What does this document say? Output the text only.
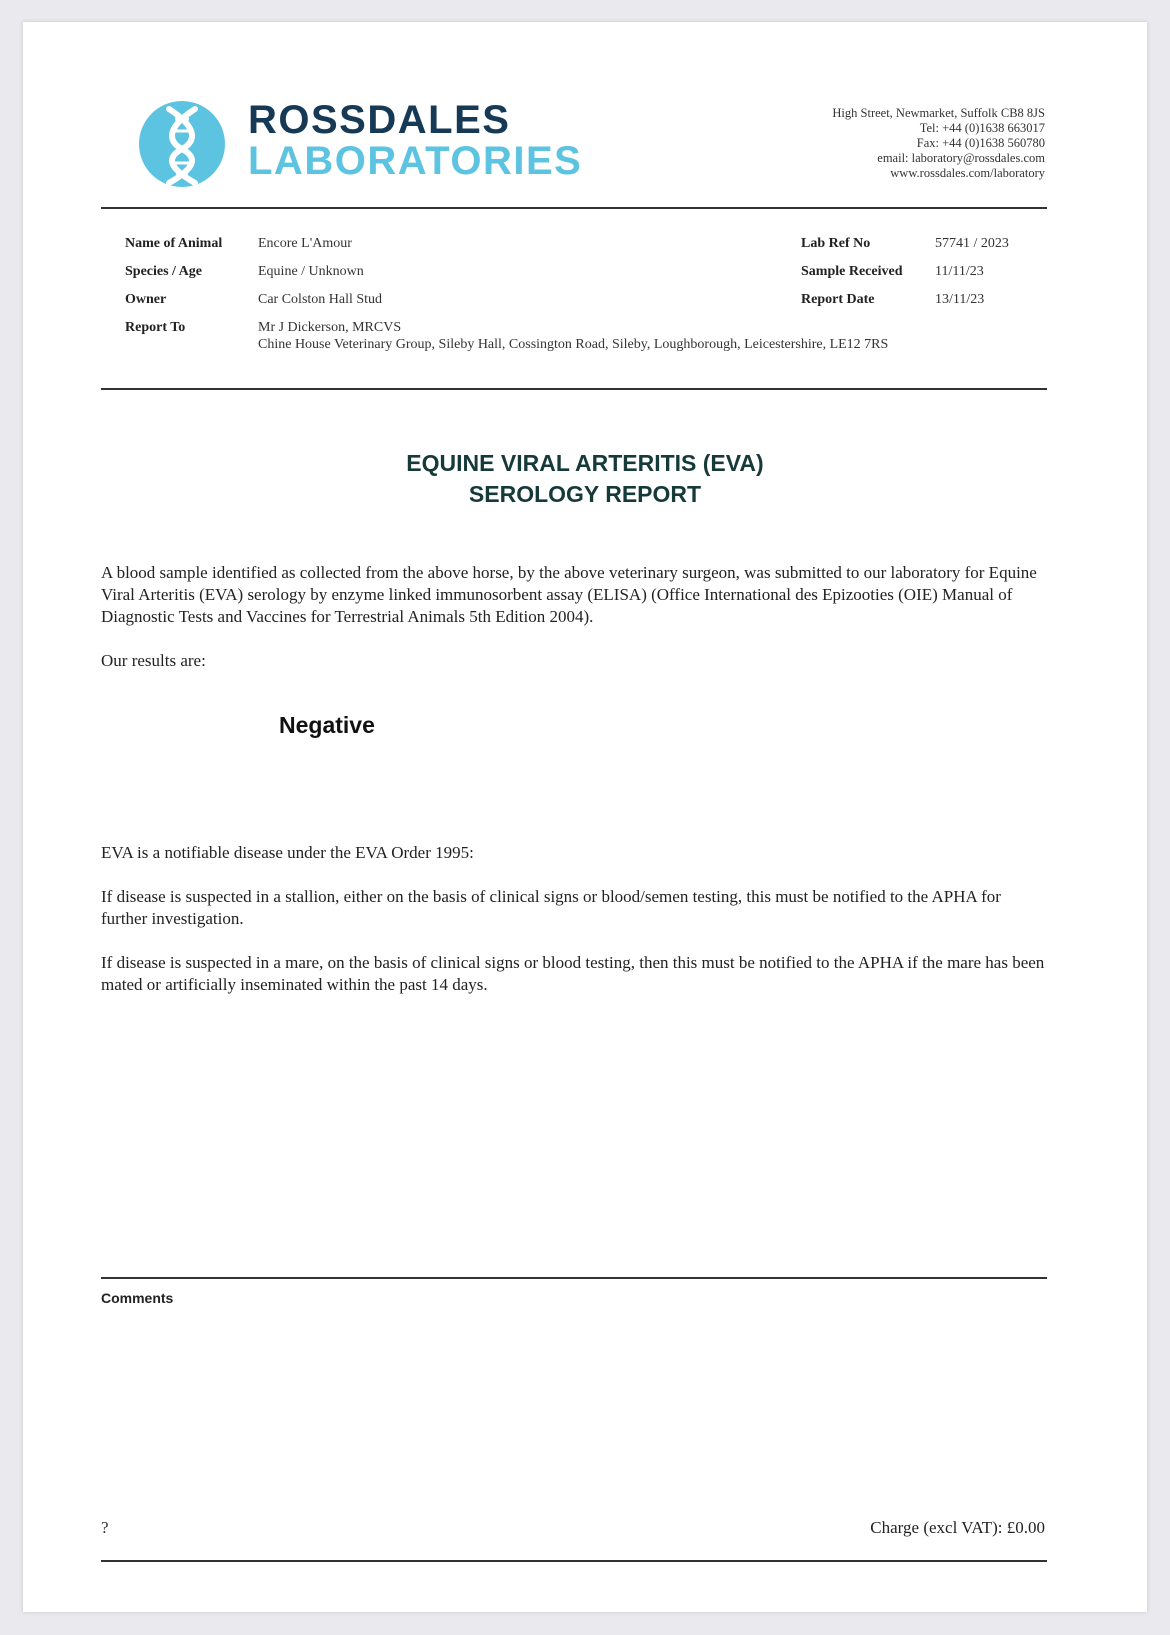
ROSSDALES
LABORATORIES
High Street, Newmarket, Suffolk CB8 8JS
Tel: +44 (0)1638 663017
Fax: +44 (0)1638 560780
email: laboratory@rossdales.com
www.rossdales.com/laboratory
Name of Animal	Encore L'Amour
Species / Age	Equine / Unknown
Owner	Car Colston Hall Stud
Report To	Mr J Dickerson, MRCVS
Chine House Veterinary Group, Sileby Hall, Cossington Road, Sileby, Loughborough, Leicestershire, LE12 7RS
Lab Ref No	57741 / 2023
Sample Received 11/11/23
Report Date	13/11/23
EQUINE VIRAL ARTERITIS (EVA)
SEROLOGY REPORT
A blood sample identified as collected from the above horse, by the above veterinary surgeon, was submitted to our laboratory for Equine Viral Arteritis (EVA) serology by enzyme linked immunosorbent assay (ELISA) (Office International des Epizooties (OIE) Manual of Diagnostic Tests and Vaccines for Terrestrial Animals 5th Edition 2004).
Our results are:
Negative
EVA is a notifiable disease under the EVA Order 1995:
If disease is suspected in a stallion, either on the basis of clinical signs or blood/semen testing, this must be notified to the APHA for further investigation.
If disease is suspected in a mare, on the basis of clinical signs or blood testing, then this must be notified to the APHA if the mare has been mated or artificially inseminated within the past 14 days.
Comments
?	Charge (excl VAT): £0.00
